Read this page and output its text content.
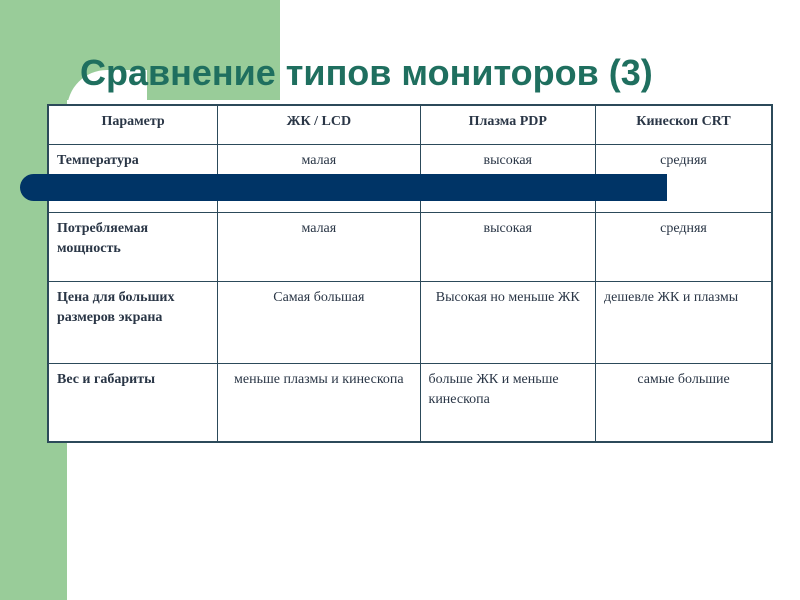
Сравнение типов мониторов (3)
Параметр	ЖК / LCD	Плазма PDP	Кинескоп CRT
Температура	малая	высокая	средняя
Потребляемая мощность	малая	высокая	средняя
Цена для больших размеров экрана	Самая большая	Высокая но меньше ЖК	дешевле ЖК и плазмы
Вес и габариты	меньше плазмы и кинескопа	больше ЖК и меньше кинескопа	самые большие
